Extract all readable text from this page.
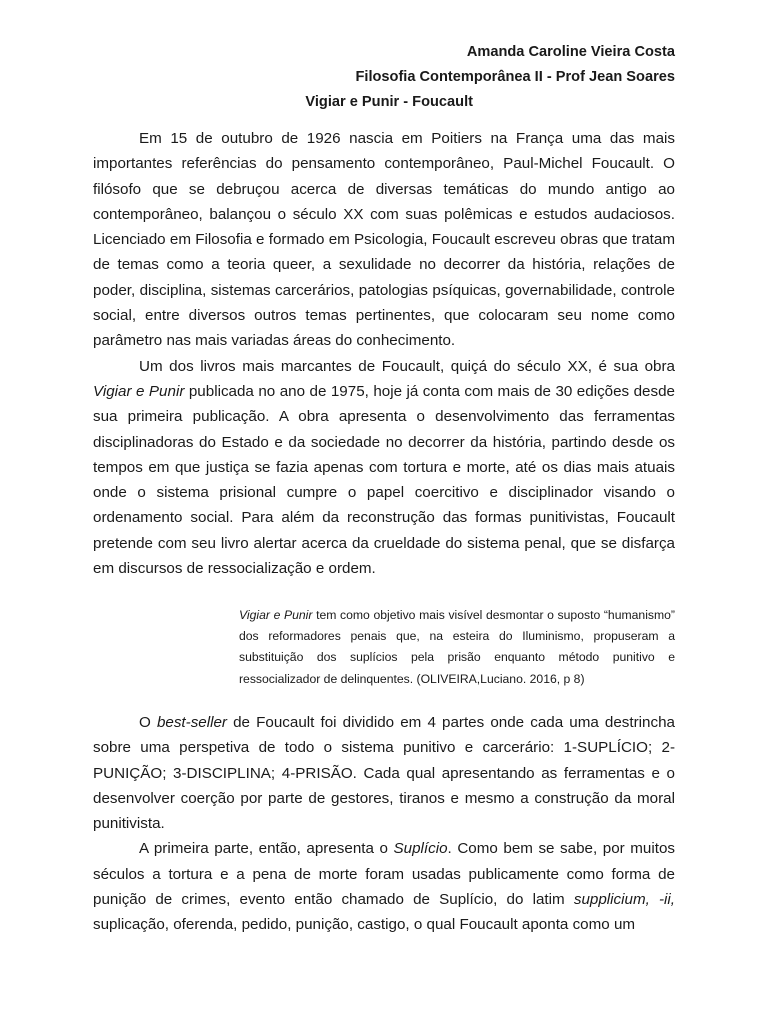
Amanda Caroline Vieira Costa
Filosofia Contemporânea II - Prof Jean Soares
Vigiar e Punir - Foucault

Em 15 de outubro de 1926 nascia em Poitiers na França uma das mais importantes referências do pensamento contemporâneo, Paul-Michel Foucault. O filósofo que se debruçou acerca de diversas temáticas do mundo antigo ao contemporâneo, balançou o século XX com suas polêmicas e estudos audaciosos. Licenciado em Filosofia e formado em Psicologia, Foucault escreveu obras que tratam de temas como a teoria queer, a sexulidade no decorrer da história, relações de poder, disciplina, sistemas carcerários, patologias psíquicas, governabilidade, controle social, entre diversos outros temas pertinentes, que colocaram seu nome como parâmetro nas mais variadas áreas do conhecimento.

Um dos livros mais marcantes de Foucault, quiçá do século XX, é sua obra Vigiar e Punir publicada no ano de 1975, hoje já conta com mais de 30 edições desde sua primeira publicação. A obra apresenta o desenvolvimento das ferramentas disciplinadoras do Estado e da sociedade no decorrer da história, partindo desde os tempos em que justiça se fazia apenas com tortura e morte, até os dias mais atuais onde o sistema prisional cumpre o papel coercitivo e disciplinador visando o ordenamento social. Para além da reconstrução das formas punitivistas, Foucault pretende com seu livro alertar acerca da crueldade do sistema penal, que se disfarça em discursos de ressocialização e ordem.

Vigiar e Punir tem como objetivo mais visível desmontar o suposto “humanismo” dos reformadores penais que, na esteira do Iluminismo, propuseram a substituição dos suplícios pela prisão enquanto método punitivo e ressocializador de delinquentes. (OLIVEIRA,Luciano. 2016, p 8)

O best-seller de Foucault foi dividido em 4 partes onde cada uma destrincha sobre uma perspetiva de todo o sistema punitivo e carcerário: 1-SUPLÍCIO; 2-PUNIÇÃO; 3-DISCIPLINA; 4-PRISÃO. Cada qual apresentando as ferramentas e o desenvolver coerção por parte de gestores, tiranos e mesmo a construção da moral punitivista.

A primeira parte, então, apresenta o Suplício. Como bem se sabe, por muitos séculos a tortura e a pena de morte foram usadas publicamente como forma de punição de crimes, evento então chamado de Suplício, do latim supplicium, -ii, suplicação, oferenda, pedido, punição, castigo, o qual Foucault aponta como um
